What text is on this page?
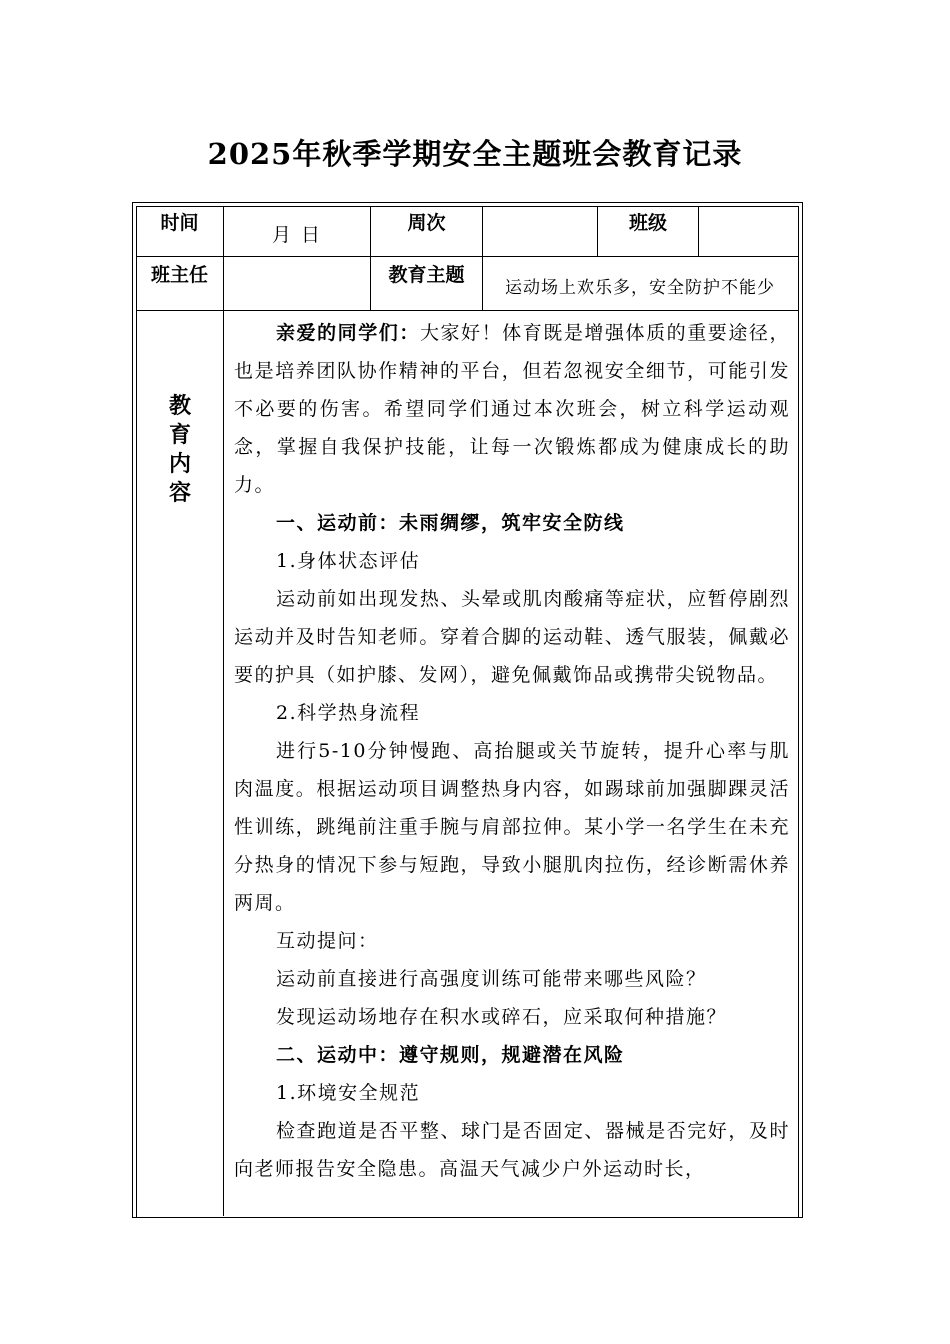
2025年秋季学期安全主题班会教育记录
时间
月 日
周次	班级
班主任	教育主题
运动场上欢乐多，安全防护不能少
教
育
内
容

亲爱的同学们：大家好！体育既是增强体质的重要途径，也是培养团队协作精神的平台，但若忽视安全细节，可能引发不必要的伤害。希望同学们通过本次班会，树立科学运动观念，掌握自我保护技能，让每一次锻炼都成为健康成长的助力。

一、运动前：未雨绸缪，筑牢安全防线

1.身体状态评估

运动前如出现发热、头晕或肌肉酸痛等症状，应暂停剧烈运动并及时告知老师。穿着合脚的运动鞋、透气服装，佩戴必要的护具（如护膝、发网），避免佩戴饰品或携带尖锐物品。

2.科学热身流程

进行5-10分钟慢跑、高抬腿或关节旋转，提升心率与肌肉温度。根据运动项目调整热身内容，如踢球前加强脚踝灵活性训练，跳绳前注重手腕与肩部拉伸。某小学一名学生在未充分热身的情况下参与短跑，导致小腿肌肉拉伤，经诊断需休养两周。

互动提问：

运动前直接进行高强度训练可能带来哪些风险？

发现运动场地存在积水或碎石，应采取何种措施？

二、运动中：遵守规则，规避潜在风险

1.环境安全规范

检查跑道是否平整、球门是否固定、器械是否完好，及时向老师报告安全隐患。高温天气减少户外运动时长，
